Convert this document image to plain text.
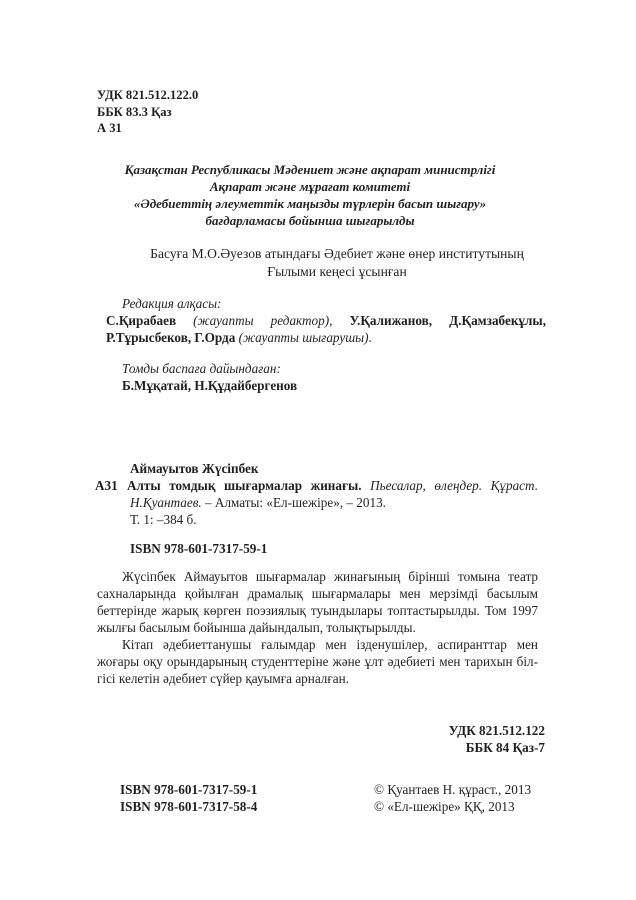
УДК 821.512.122.0
ББК 83.3 Қаз
А 31
Қазақстан Республикасы Мәдениет және ақпарат министрлігі
Ақпарат және мұрағат комитеті
«Әдебиеттің әлеуметтік маңызды түрлерін басып шығару»
бағдарламасы бойынша шығарылды
Басуға М.О.Әуезов атындағы Әдебиет және өнер институтының
Ғылыми кеңесі ұсынған
Редакция алқасы:
С.Қирабаев (жауапты редактор), У.Қалижанов, Д.Қамзабекұлы,
Р.Тұрысбеков, Г.Орда (жауапты шығарушы).
Томды баспаға дайындаған:
Б.Мұқатай, Н.Құдайбергенов
Аймауытов Жүсіпбек
А31 Алты томдық шығармалар жинағы. Пьесалар, өлеңдер. Құраст.
Н.Қуантаев. – Алматы: «Ел-шежіре», – 2013.
Т. 1: –384 б.
ISBN 978-601-7317-59-1
Жүсіпбек Аймауытов шығармалар жинағының бірінші томына театр
сахналарында қойылған драмалық шығармалары мен мерзімді басылым
беттерінде жарық көрген поэзиялық туындылары топтастырылды. Том 1997
жылғы басылым бойынша дайындалып, толықтырылды.
Кітап әдебиеттанушы ғалымдар мен ізденушілер, аспиранттар мен
жоғары оқу орындарының студенттеріне және ұлт әдебиеті мен тарихын біл-
гісі келетін әдебиет сүйер қауымға арналған.
УДК 821.512.122
ББК 84 Қаз-7
ISBN 978-601-7317-59-1
ISBN 978-601-7317-58-4
© Қуантаев Н. құраст., 2013
© «Ел-шежіре» ҚҚ, 2013
